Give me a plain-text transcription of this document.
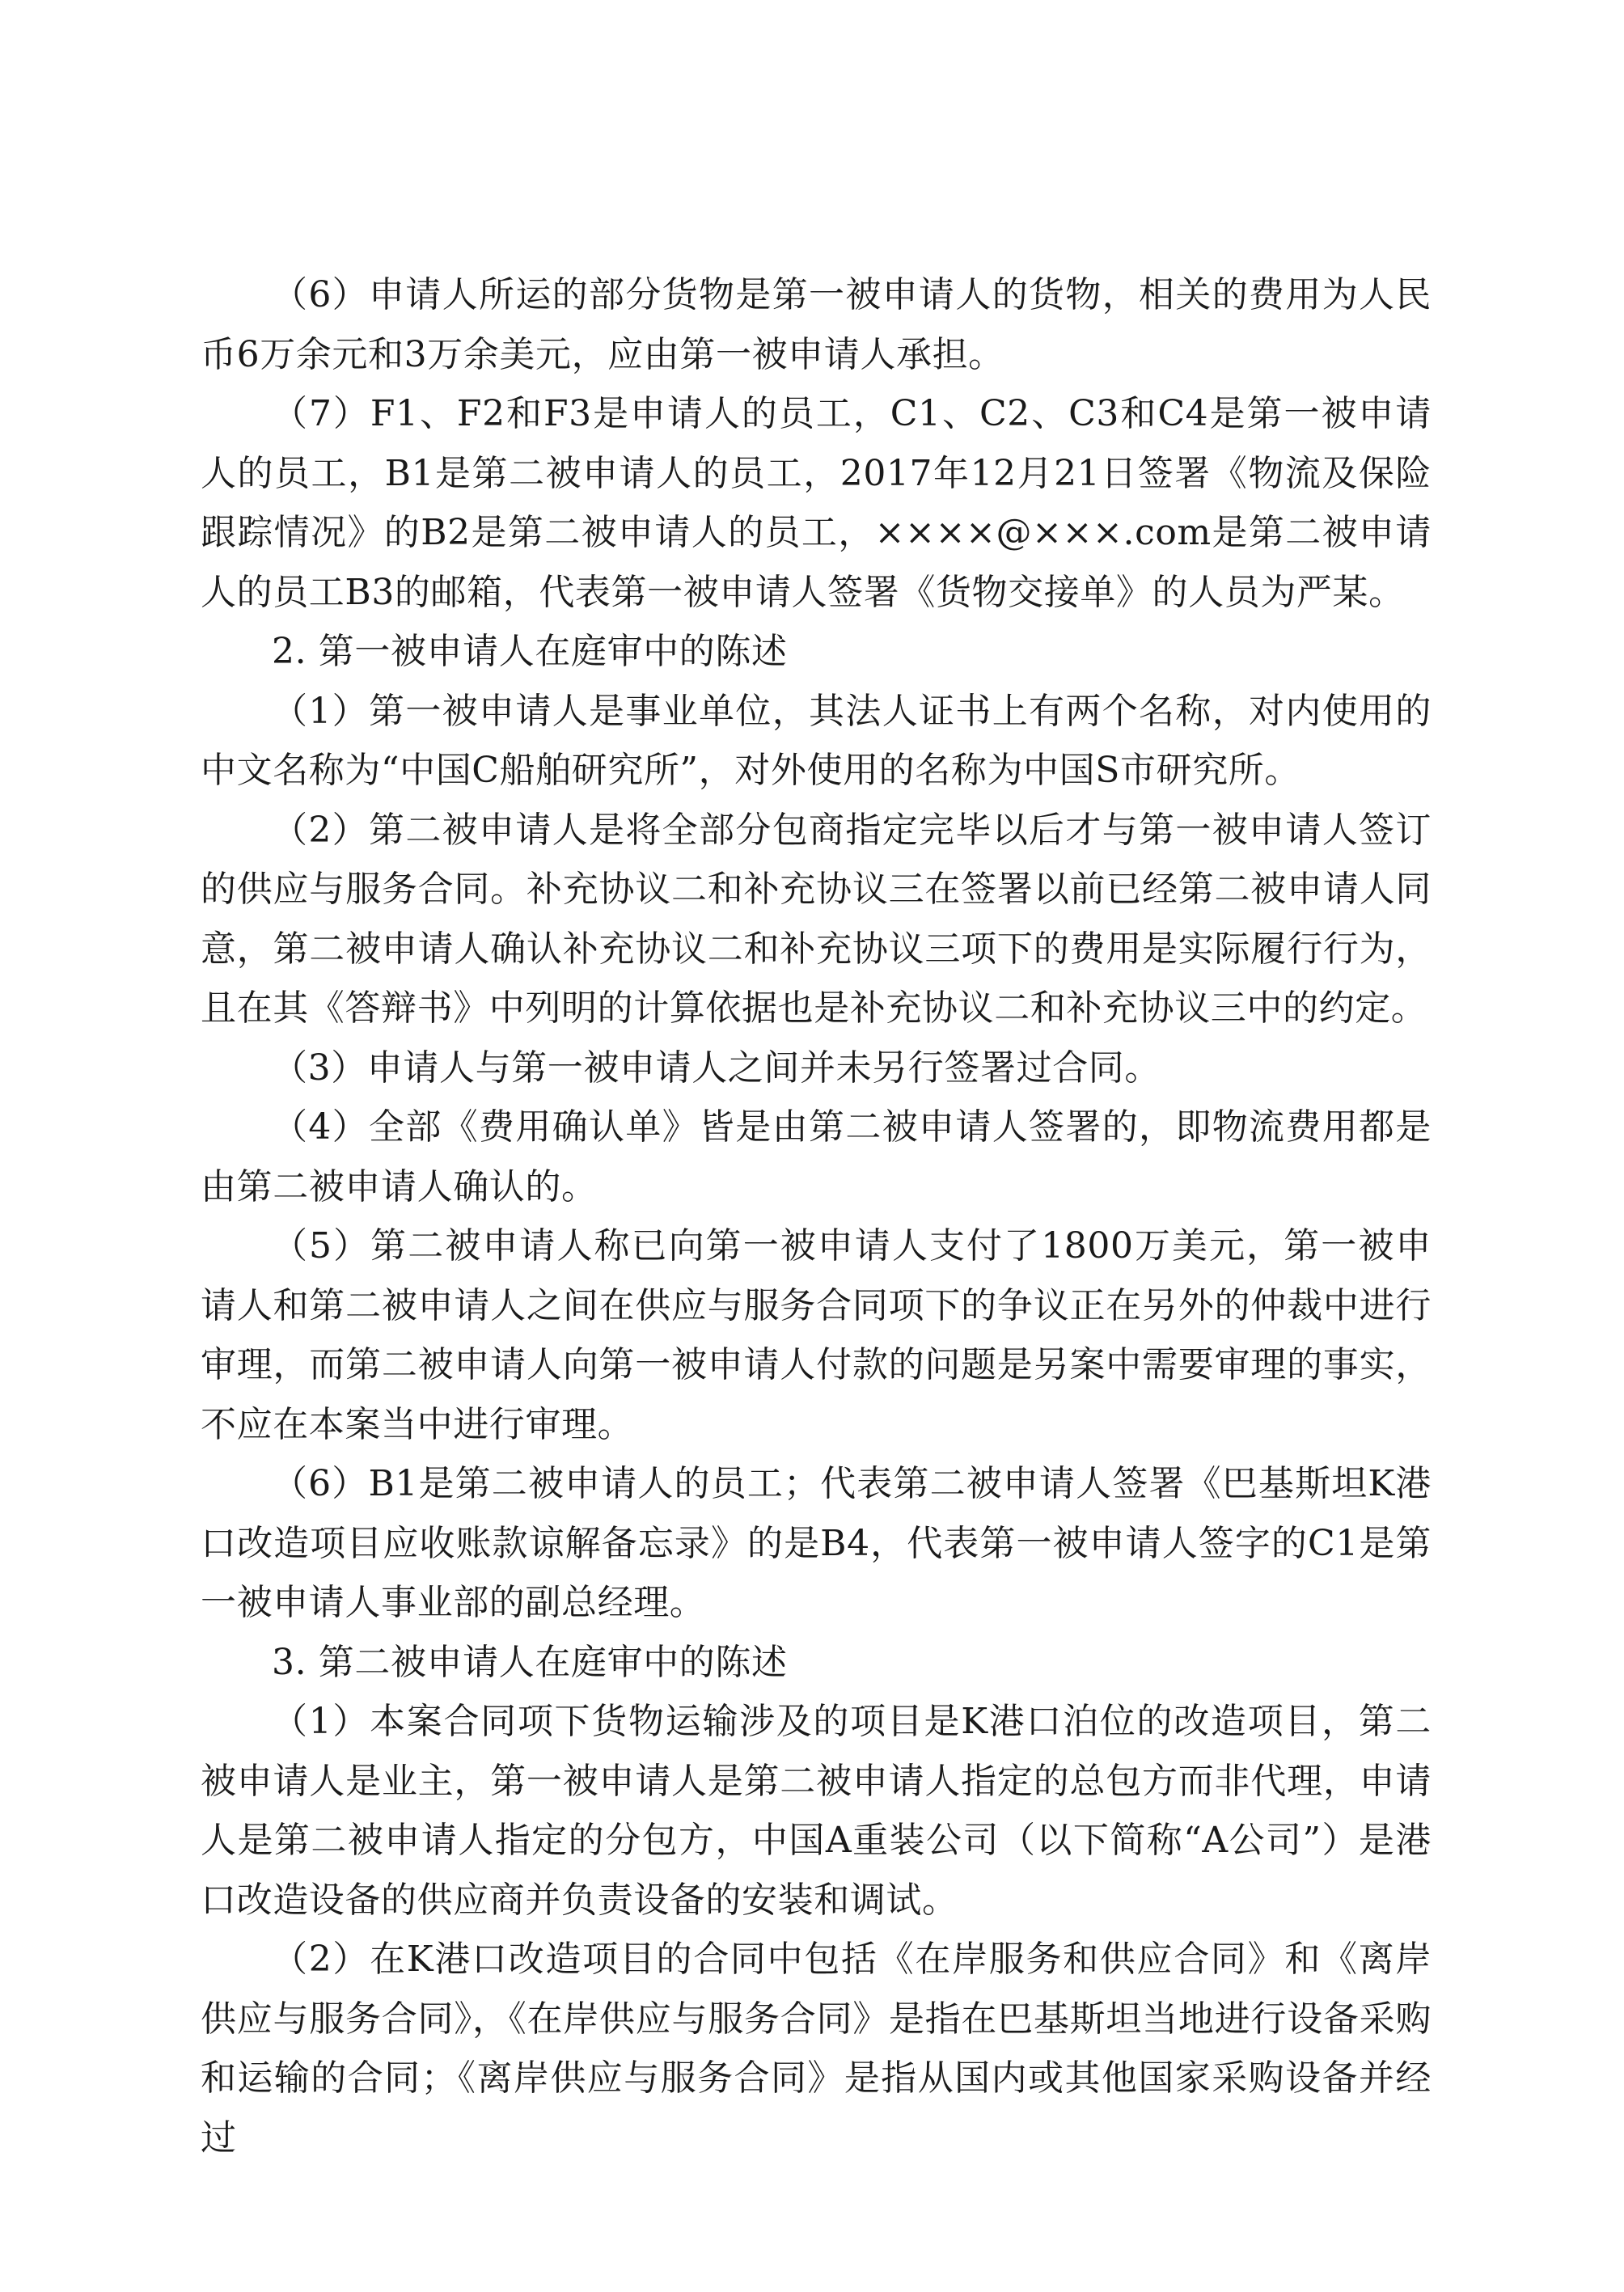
（6）申请人所运的部分货物是第一被申请人的货物，相关的费用为人民币6万余元和3万余美元，应由第一被申请人承担。

（7）F1、F2和F3是申请人的员工，C1、C2、C3和C4是第一被申请人的员工，B1是第二被申请人的员工，2017年12月21日签署《物流及保险跟踪情况》的B2是第二被申请人的员工，××××@×××.com是第二被申请人的员工B3的邮箱，代表第一被申请人签署《货物交接单》的人员为严某。

2. 第一被申请人在庭审中的陈述

（1）第一被申请人是事业单位，其法人证书上有两个名称，对内使用的中文名称为“中国C船舶研究所”，对外使用的名称为中国S市研究所。

（2）第二被申请人是将全部分包商指定完毕以后才与第一被申请人签订的供应与服务合同。补充协议二和补充协议三在签署以前已经第二被申请人同意，第二被申请人确认补充协议二和补充协议三项下的费用是实际履行行为，且在其《答辩书》中列明的计算依据也是补充协议二和补充协议三中的约定。

（3）申请人与第一被申请人之间并未另行签署过合同。

（4）全部《费用确认单》皆是由第二被申请人签署的，即物流费用都是由第二被申请人确认的。

（5）第二被申请人称已向第一被申请人支付了1800万美元，第一被申请人和第二被申请人之间在供应与服务合同项下的争议正在另外的仲裁中进行审理，而第二被申请人向第一被申请人付款的问题是另案中需要审理的事实，不应在本案当中进行审理。

（6）B1是第二被申请人的员工；代表第二被申请人签署《巴基斯坦K港口改造项目应收账款谅解备忘录》的是B4，代表第一被申请人签字的C1是第一被申请人事业部的副总经理。

3. 第二被申请人在庭审中的陈述

（1）本案合同项下货物运输涉及的项目是K港口泊位的改造项目，第二被申请人是业主，第一被申请人是第二被申请人指定的总包方而非代理，申请人是第二被申请人指定的分包方，中国A重装公司（以下简称“A公司”）是港口改造设备的供应商并负责设备的安装和调试。

（2）在K港口改造项目的合同中包括《在岸服务和供应合同》和《离岸供应与服务合同》，《在岸供应与服务合同》是指在巴基斯坦当地进行设备采购和运输的合同；《离岸供应与服务合同》是指从国内或其他国家采购设备并经过
